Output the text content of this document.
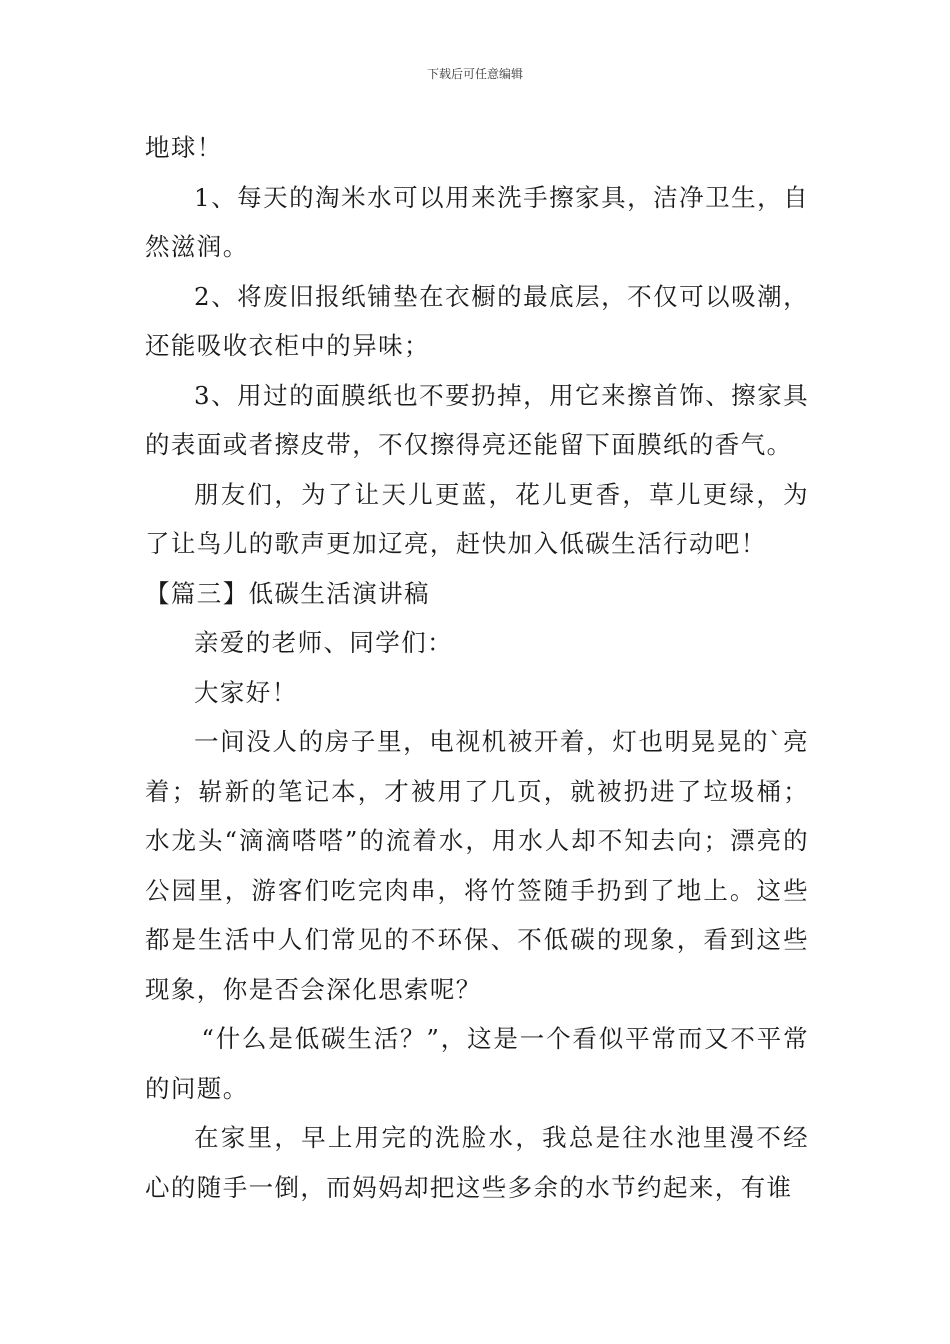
下载后可任意编辑

地球！

1、每天的淘米水可以用来洗手擦家具，洁净卫生，自然滋润。

2、将废旧报纸铺垫在衣橱的最底层，不仅可以吸潮，还能吸收衣柜中的异味；

3、用过的面膜纸也不要扔掉，用它来擦首饰、擦家具的表面或者擦皮带，不仅擦得亮还能留下面膜纸的香气。

朋友们，为了让天儿更蓝，花儿更香，草儿更绿，为了让鸟儿的歌声更加辽亮，赶快加入低碳生活行动吧！

【篇三】低碳生活演讲稿

亲爱的老师、同学们：

大家好！

一间没人的房子里，电视机被开着，灯也明晃晃的`亮着；崭新的笔记本，才被用了几页，就被扔进了垃圾桶；水龙头“滴滴嗒嗒”的流着水，用水人却不知去向；漂亮的公园里，游客们吃完肉串，将竹签随手扔到了地上。这些都是生活中人们常见的不环保、不低碳的现象，看到这些现象，你是否会深化思索呢？

“什么是低碳生活？”，这是一个看似平常而又不平常的问题。

在家里，早上用完的洗脸水，我总是往水池里漫不经心的随手一倒，而妈妈却把这些多余的水节约起来，有谁
